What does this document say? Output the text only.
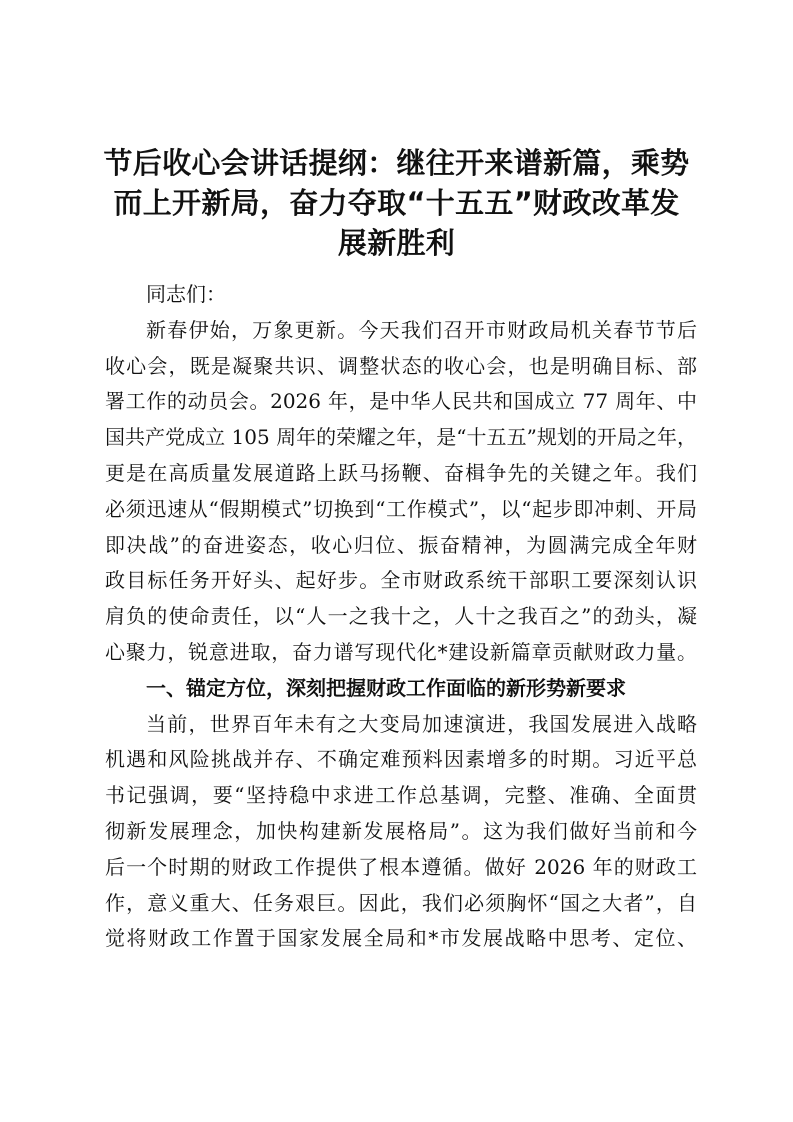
节后收心会讲话提纲：继往开来谱新篇，乘势
而上开新局，奋力夺取“十五五”财政改革发
展新胜利
同志们：
新春伊始，万象更新。今天我们召开市财政局机关春节节后
收心会，既是凝聚共识、调整状态的收心会，也是明确目标、部
署工作的动员会。2026 年，是中华人民共和国成立 77 周年、中
国共产党成立 105 周年的荣耀之年，是“十五五”规划的开局之年，
更是在高质量发展道路上跃马扬鞭、奋楫争先的关键之年。我们
必须迅速从“假期模式”切换到“工作模式”，以“起步即冲刺、开局
即决战”的奋进姿态，收心归位、振奋精神，为圆满完成全年财
政目标任务开好头、起好步。全市财政系统干部职工要深刻认识
肩负的使命责任，以“人一之我十之，人十之我百之”的劲头，凝
心聚力，锐意进取，奋力谱写现代化*建设新篇章贡献财政力量。
一、锚定方位，深刻把握财政工作面临的新形势新要求
当前，世界百年未有之大变局加速演进，我国发展进入战略
机遇和风险挑战并存、不确定难预料因素增多的时期。习近平总
书记强调，要“坚持稳中求进工作总基调，完整、准确、全面贯
彻新发展理念，加快构建新发展格局”。这为我们做好当前和今
后一个时期的财政工作提供了根本遵循。做好 2026 年的财政工
作，意义重大、任务艰巨。因此，我们必须胸怀“国之大者”，自
觉将财政工作置于国家发展全局和*市发展战略中思考、定位、
